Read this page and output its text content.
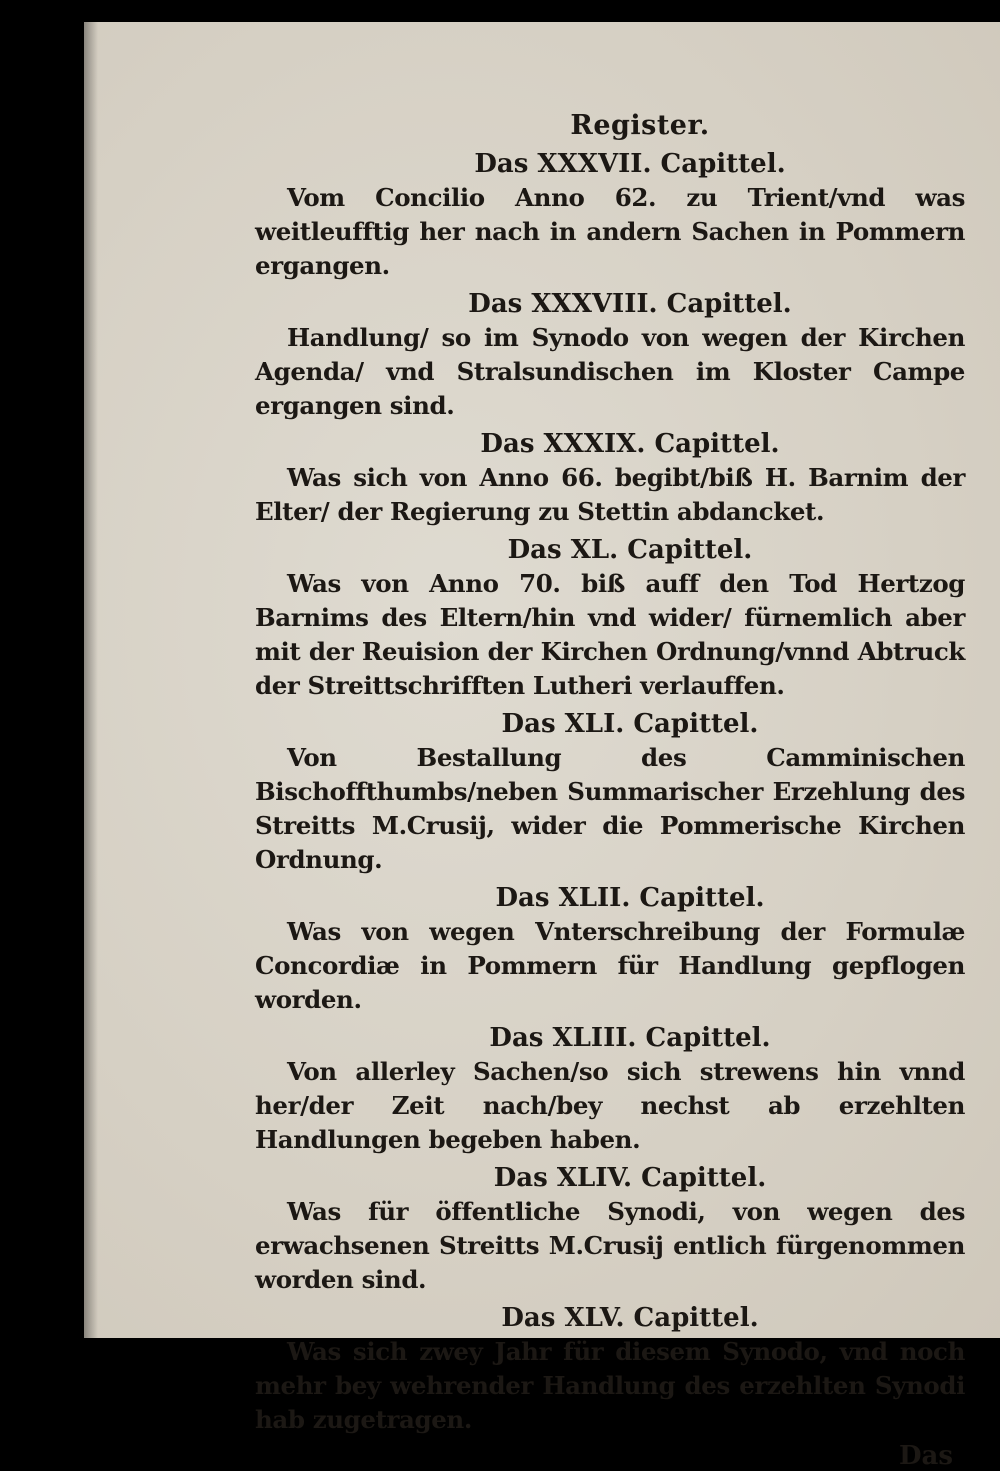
Register.
Das XXXVII. Capittel.
Vom Concilio Anno 62. zu Trient/vnd was weitleufftig her nach in andern Sachen in Pommern ergangen.
Das XXXVIII. Capittel.
Handlung/ so im Synodo von wegen der Kirchen Agenda/ vnd Stralsundischen im Kloster Campe ergangen sind.
Das XXXIX. Capittel.
Was sich von Anno 66. begibt/biß H. Barnim der Elter/ der Regierung zu Stettin abdancket.
Das XL. Capittel.
Was von Anno 70. biß auff den Tod Hertzog Barnims des Eltern/hin vnd wider/ fürnemlich aber mit der Reuision der Kirchen Ordnung/vnnd Abtruck der Streittschrifften Lutheri verlauffen.
Das XLI. Capittel.
Von Bestallung des Camminischen Bischoffthumbs/neben Summarischer Erzehlung des Streitts M.Crusij, wider die Pommerische Kirchen Ordnung.
Das XLII. Capittel.
Was von wegen Vnterschreibung der Formulæ Concordiæ in Pommern für Handlung gepflogen worden.
Das XLIII. Capittel.
Von allerley Sachen/so sich strewens hin vnnd her/der Zeit nach/bey nechst ab erzehlten Handlungen begeben haben.
Das XLIV. Capittel.
Was für öffentliche Synodi, von wegen des erwachsenen Streitts M.Crusij entlich fürgenommen worden sind.
Das XLV. Capittel.
Was sich zwey Jahr für diesem Synodo, vnd noch mehr bey wehrender Handlung des erzehlten Synodi hab zugetragen.
Das
